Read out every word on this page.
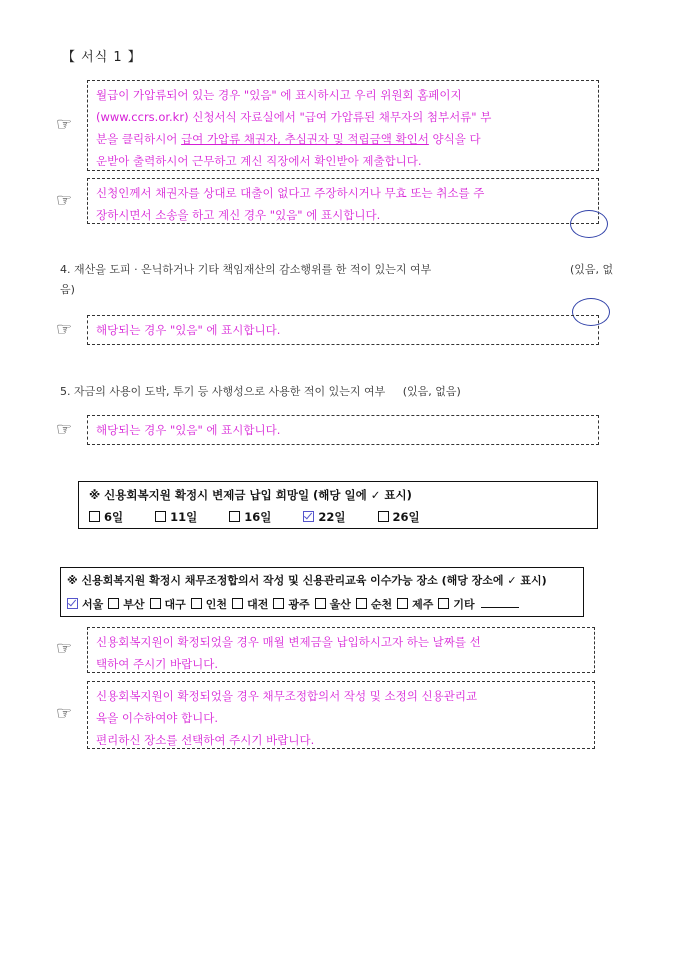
【 서식 1 】
☞
월급이 가압류되어 있는 경우 "있음" 에 표시하시고 우리 위원회 홈페이지
(www.ccrs.or.kr) 신청서식 자료실에서 "급여 가압류된 채무자의 첨부서류" 부
분을 클릭하시어 급여 가압류 채권자, 추심권자 및 적립금액 확인서 양식을 다
운받아 출력하시어 근무하고 계신 직장에서 확인받아 제출합니다.
☞ 신청인께서 채권자를 상대로 대출이 없다고 주장하시거나 무효 또는 취소를 주
장하시면서 소송을 하고 계신 경우 "있음" 에 표시합니다.
4. 재산을 도피 · 은닉하거나 기타 책임재산의 감소행위를 한 적이 있는지 여부	(있음, 없
음)
☞ 해당되는 경우 "있음" 에 표시합니다.
5. 자금의 사용이 도박, 투기 등 사행성으로 사용한 적이 있는지 여부 (있음, 없음)
☞ 해당되는 경우 "있음" 에 표시합니다.
※ 신용회복지원 확정시 변제금 납입 희망일 (해당 일에 ✓ 표시)
6일	11일	16일	22일	26일
※ 신용회복지원 확정시 채무조정합의서 작성 및 신용관리교육 이수가능 장소 (해당 장소에 ✓ 표시)
서울	부산	대구	인천	대전	광주	울산	순천	제주	기타
☞ 신용회복지원이 확정되었을 경우 매월 변제금을 납입하시고자 하는 날짜를 선
택하여 주시기 바랍니다.
☞
신용회복지원이 확정되었을 경우 채무조정합의서 작성 및 소정의 신용관리교
육을 이수하여야 합니다.
편리하신 장소를 선택하여 주시기 바랍니다.
